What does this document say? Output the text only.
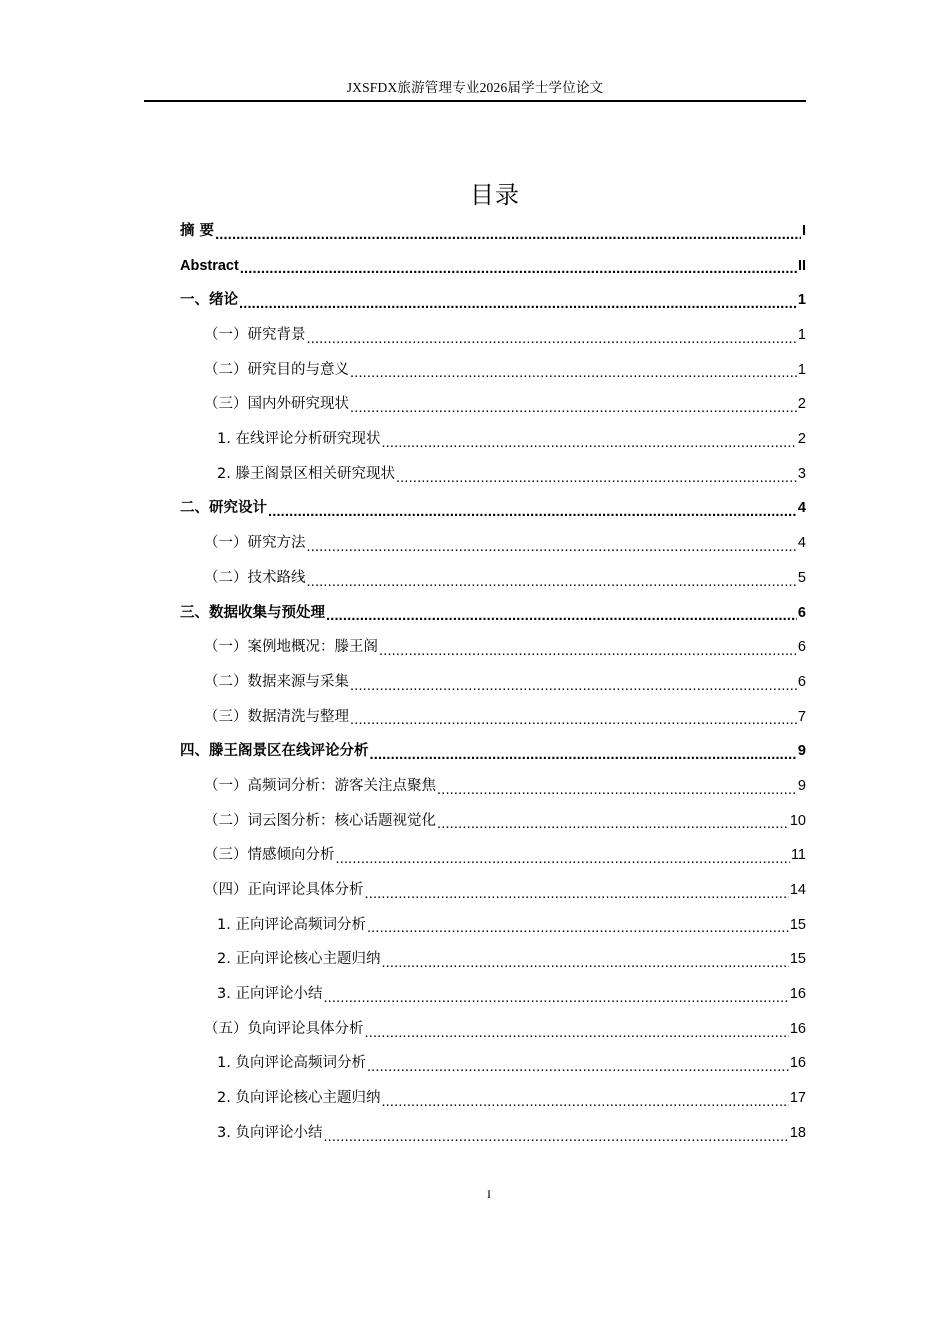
JXSFDX旅游管理专业2026届学士学位论文
目录
摘 要 .....	I
Abstract .....	II
一、绪论 .....	1
（一）研究背景 .....	1
（二）研究目的与意义 .....	1
（三）国内外研究现状 .....	2
1. 在线评论分析研究现状 .....	2
2. 滕王阁景区相关研究现状 .....	3
二、研究设计 .....	4
（一）研究方法 .....	4
（二）技术路线 .....	5
三、数据收集与预处理 .....	6
（一）案例地概况：滕王阁 .....	6
（二）数据来源与采集 .....	6
（三）数据清洗与整理 .....	7
四、滕王阁景区在线评论分析 .....	9
（一）高频词分析：游客关注点聚焦 .....	9
（二）词云图分析：核心话题视觉化 .....	10
（三）情感倾向分析 .....	11
（四）正向评论具体分析 .....	14
1. 正向评论高频词分析 .....	15
2. 正向评论核心主题归纳 .....	15
3. 正向评论小结 .....	16
（五）负向评论具体分析 .....	16
1. 负向评论高频词分析 .....	16
2. 负向评论核心主题归纳 .....	17
3. 负向评论小结 .....	18
I
